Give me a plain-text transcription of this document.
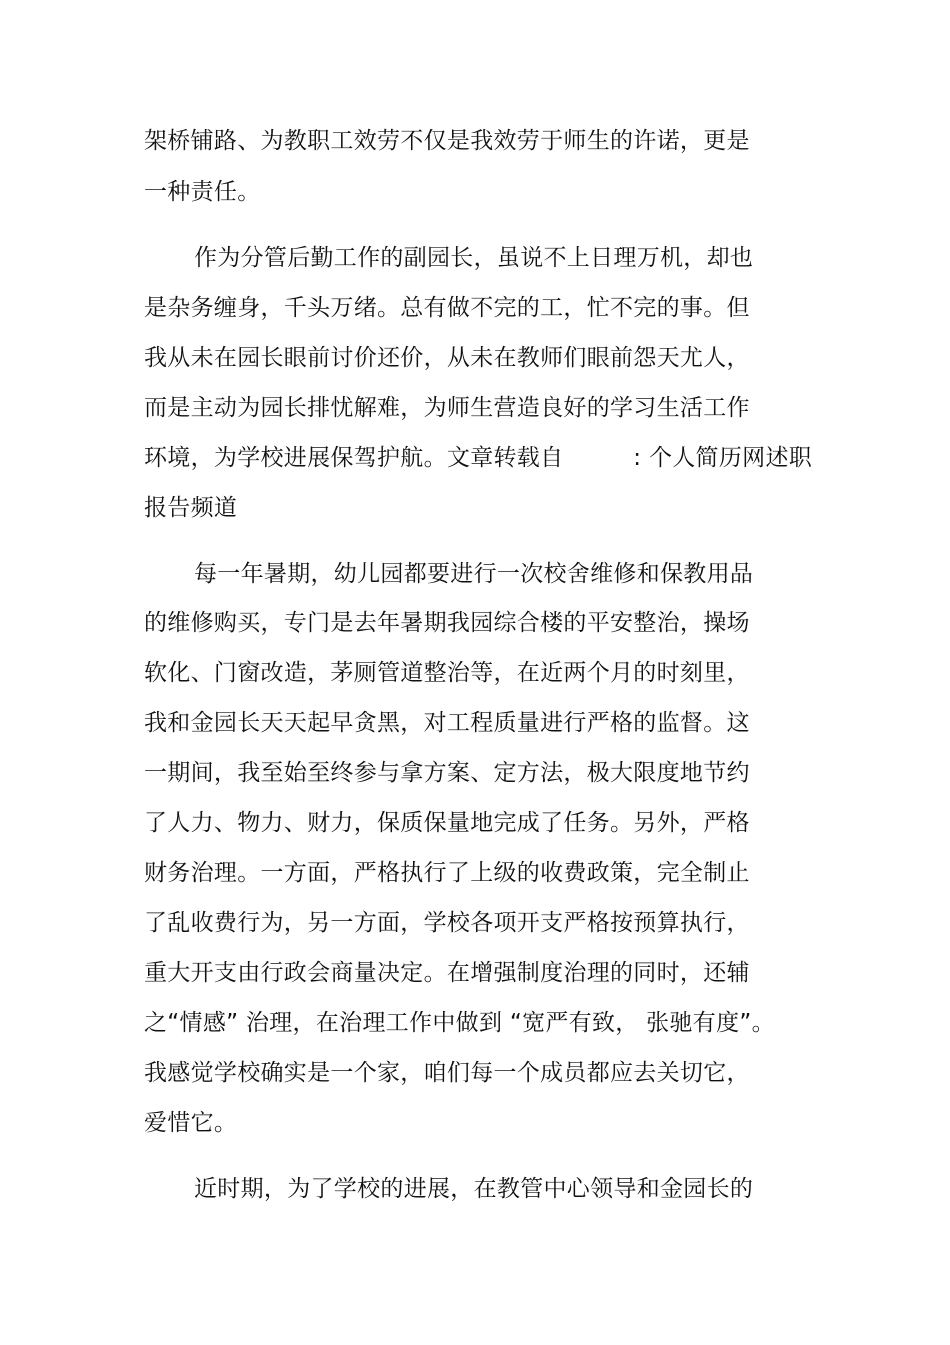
架桥铺路、为教职工效劳不仅是我效劳于师生的许诺，更是
一种责任。
作为分管后勤工作的副园长，虽说不上日理万机，却也
是杂务缠身，千头万绪。总有做不完的工，忙不完的事。但
我从未在园长眼前讨价还价，从未在教师们眼前怨天尤人，
而是主动为园长排忧解难，为师生营造良好的学习生活工作
环境，为学校进展保驾护航。文章转载自　　　: 个人简历网述职
报告频道
每一年暑期，幼儿园都要进行一次校舍维修和保教用品
的维修购买，专门是去年暑期我园综合楼的平安整治，操场
软化、门窗改造，茅厕管道整治等，在近两个月的时刻里，
我和金园长天天起早贪黑，对工程质量进行严格的监督。这
一期间，我至始至终参与拿方案、定方法，极大限度地节约
了人力、物力、财力，保质保量地完成了任务。另外，严格
财务治理。一方面，严格执行了上级的收费政策，完全制止
了乱收费行为，另一方面，学校各项开支严格按预算执行，
重大开支由行政会商量决定。在增强制度治理的同时，还辅
之“情感” 治理，在治理工作中做到 “宽严有致， 张驰有度”。
我感觉学校确实是一个家，咱们每一个成员都应去关切它，
爱惜它。
近时期，为了学校的进展，在教管中心领导和金园长的
